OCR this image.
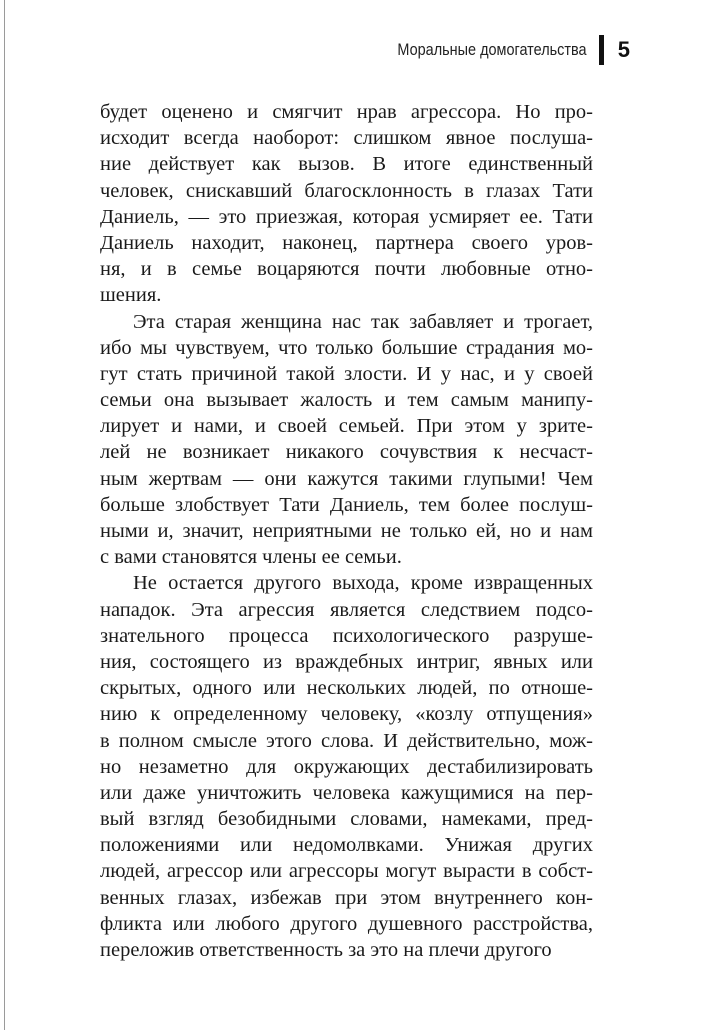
Моральные домогательства 5

будет оценено и смягчит нрав агрессора. Но про-
исходит всегда наоборот: слишком явное послуша-
ние действует как вызов. В итоге единственный
человек, снискавший благосклонность в глазах Тати
Даниель, — это приезжая, которая усмиряет ее. Тати
Даниель находит, наконец, партнера своего уров-
ня, и в семье воцаряются почти любовные отно-
шения.

Эта старая женщина нас так забавляет и трогает,
ибо мы чувствуем, что только большие страдания мо-
гут стать причиной такой злости. И у нас, и у своей
семьи она вызывает жалость и тем самым манипу-
лирует и нами, и своей семьей. При этом у зрите-
лей не возникает никакого сочувствия к несчаст-
ным жертвам — они кажутся такими глупыми! Чем
больше злобствует Тати Даниель, тем более послуш-
ными и, значит, неприятными не только ей, но и нам
с вами становятся члены ее семьи.

Не остается другого выхода, кроме извращенных
нападок. Эта агрессия является следствием подсо-
знательного процесса психологического разруше-
ния, состоящего из враждебных интриг, явных или
скрытых, одного или нескольких людей, по отноше-
нию к определенному человеку, «козлу отпущения»
в полном смысле этого слова. И действительно, мож-
но незаметно для окружающих дестабилизировать
или даже уничтожить человека кажущимися на пер-
вый взгляд безобидными словами, намеками, пред-
положениями или недомолвками. Унижая других
людей, агрессор или агрессоры могут вырасти в собст-
венных глазах, избежав при этом внутреннего кон-
фликта или любого другого душевного расстройства,
переложив ответственность за это на плечи другого
